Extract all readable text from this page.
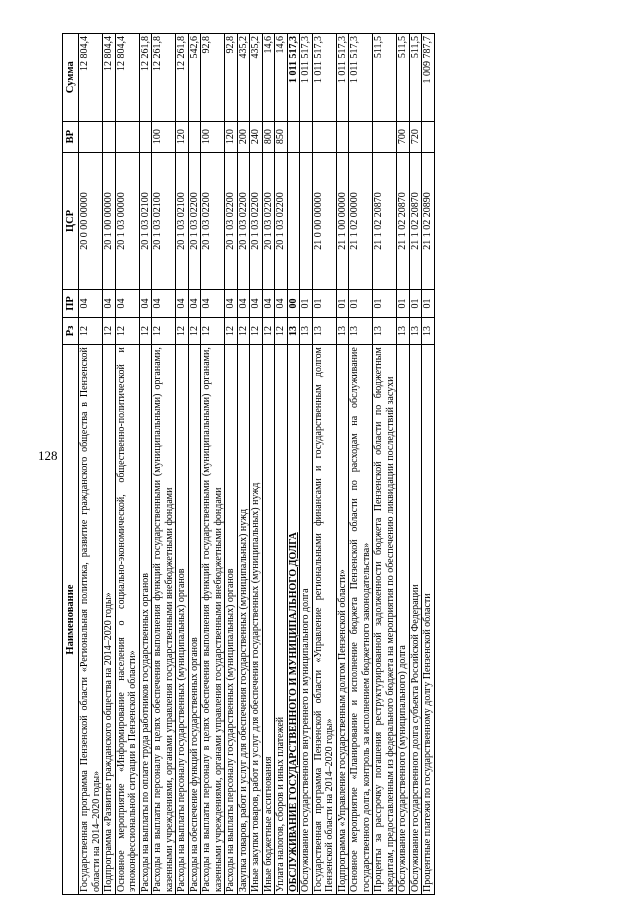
128
Наименование	Рз	ПР	ЦСР	ВР	Сумма
Государственная программа Пензенской области «Региональная политика, развитие гражданского общества в Пензенской области на 2014–2020 годы»	12	04	20 0 00 00000		12 804,4
Подпрограмма «Развитие гражданского общества на 2014–2020 годы»	12	04	20 1 00 00000		12 804,4
Основное мероприятие «Информирование населения о социально-экономической, общественно-политической и этноконфессиональной ситуации в Пензенской области»	12	04	20 1 03 00000		12 804,4
Расходы на выплаты по оплате труда работников государственных органов	12	04	20 1 03 02100		12 261,8
Расходы на выплаты персоналу в целях обеспечения выполнения функций государственными (муниципальными) органами, казенными учреждениями, органами управления государственными внебюджетными фондами	12	04	20 1 03 02100	100	12 261,8
Расходы на выплаты персоналу государственных (муниципальных) органов	12	04	20 1 03 02100	120	12 261,8
Расходы на обеспечение функций государственных органов	12	04	20 1 03 02200		542,6
Расходы на выплаты персоналу в целях обеспечения выполнения функций государственными (муниципальными) органами, казенными учреждениями, органами управления государственными внебюджетными фондами	12	04	20 1 03 02200	100	92,8
Расходы на выплаты персоналу государственных (муниципальных) органов	12	04	20 1 03 02200	120	92,8
Закупка товаров, работ и услуг для обеспечения государственных (муниципальных) нужд	12	04	20 1 03 02200	200	435,2
Иные закупки товаров, работ и услуг для обеспечения государственных (муниципальных) нужд	12	04	20 1 03 02200	240	435,2
Иные бюджетные ассигнования	12	04	20 1 03 02200	800	14,6
Уплата налогов, сборов и иных платежей	12	04	20 1 03 02200	850	14,6
ОБСЛУЖИВАНИЕ ГОСУДАРСТВЕННОГО И МУНИЦИПАЛЬНОГО ДОЛГА	13	00			1 011 517,3
Обслуживание государственного внутреннего и муниципального долга	13	01			1 011 517,3
Государственная программа Пензенской области «Управление региональными финансами и государственным долгом Пензенской области на 2014–2020 годы»	13	01	21 0 00 00000		1 011 517,3
Подпрограмма «Управление государственным долгом Пензенской области»	13	01	21 1 00 00000		1 011 517,3
Основное мероприятие «Планирование и исполнение бюджета Пензенской области по расходам на обслуживание государственного долга, контроль за исполнением бюджетного законодательства»	13	01	21 1 02 00000		1 011 517,3
Проценты за рассрочку погашения реструктурированной задолженности бюджета Пензенской области по бюджетным кредитам, предоставленным из федерального бюджета на мероприятия по обеспечению ликвидации последствий засухи	13	01	21 1 02 20870		511,5
Обслуживание государственного (муниципального) долга	13	01	21 1 02 20870	700	511,5
Обслуживание государственного долга субъекта Российской Федерации	13	01	21 1 02 20870	720	511,5
Процентные платежи по государственному долгу Пензенской области	13	01	21 1 02 20890		1 009 787,7
